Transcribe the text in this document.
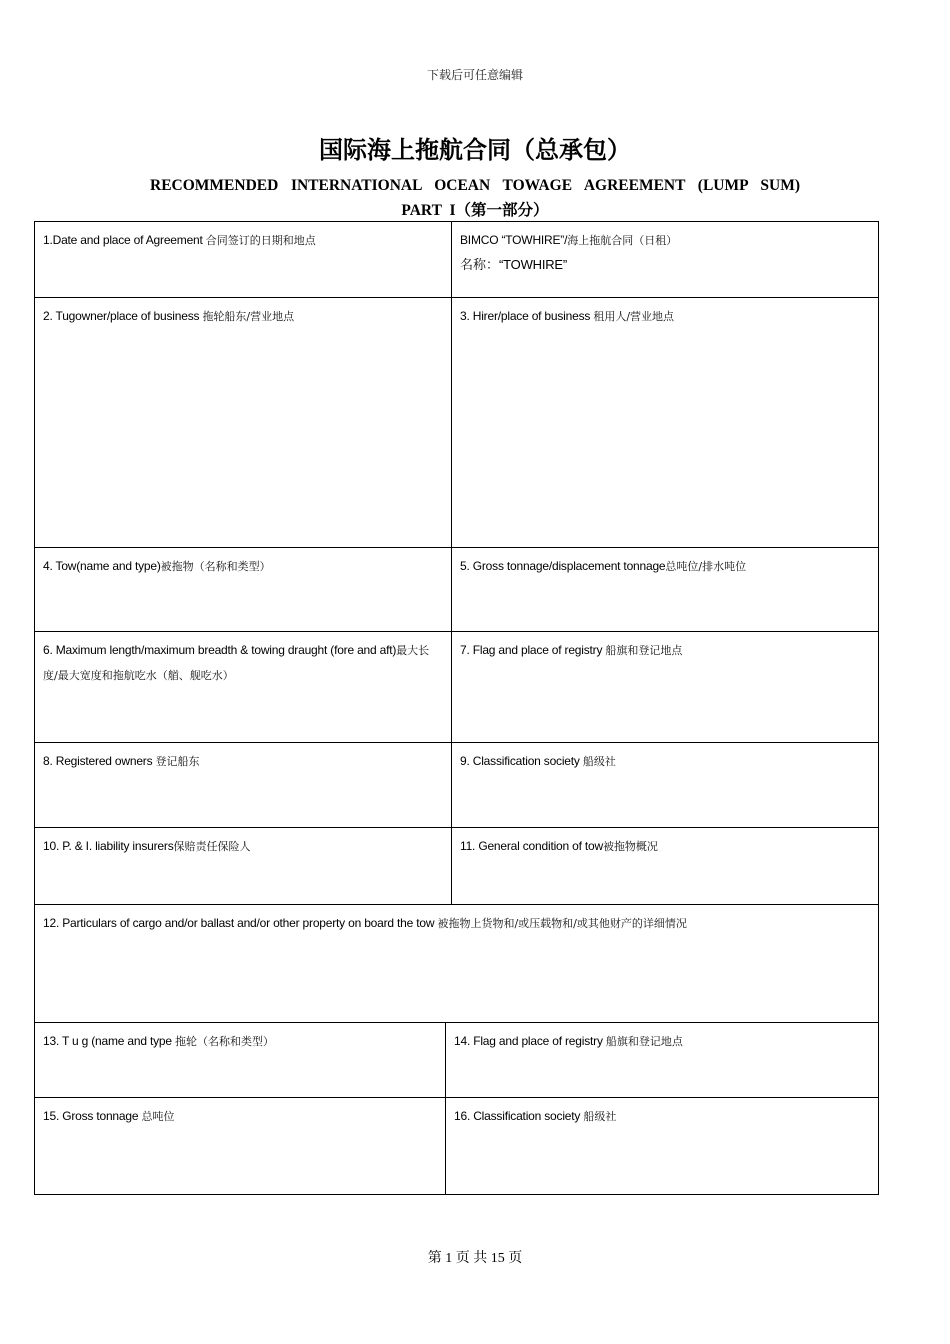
下载后可任意编辑
国际海上拖航合同（总承包）
RECOMMENDED INTERNATIONAL OCEAN TOWAGE AGREEMENT (LUMP SUM) PART I（第一部分）
1.Date and place of Agreement 合同签订的日期和地点		BIMCO “TOWHIRE”/海上拖航合同（日租）
名称：“TOWHIRE”
2. Tugowner/place of business 拖轮船东/营业地点		3. Hirer/place of business 租用人/营业地点
4. Tow(name and type)被拖物（名称和类型）		5. Gross tonnage/displacement tonnage总吨位/排水吨位
6. Maximum length/maximum breadth & towing draught (fore and aft)最大长度/最大宽度和拖航吃水（艏、舰吃水）		7. Flag and place of registry 船旗和登记地点
8. Registered owners 登记船东		9. Classification society 船级社
10. P. & I. liability insurers保赔责任保险人		11. General condition of tow被拖物概况
12. Particulars of cargo and/or ballast and/or other property on board the tow 被拖物上货物和/或压载物和/或其他财产的详细情况		
13. T u g (name and type 拖轮（名称和类型）	14. Flag and place of registry 船旗和登记地点	
15. Gross tonnage 总吨位	16. Classification society 船级社	
第 1 页 共 15 页
